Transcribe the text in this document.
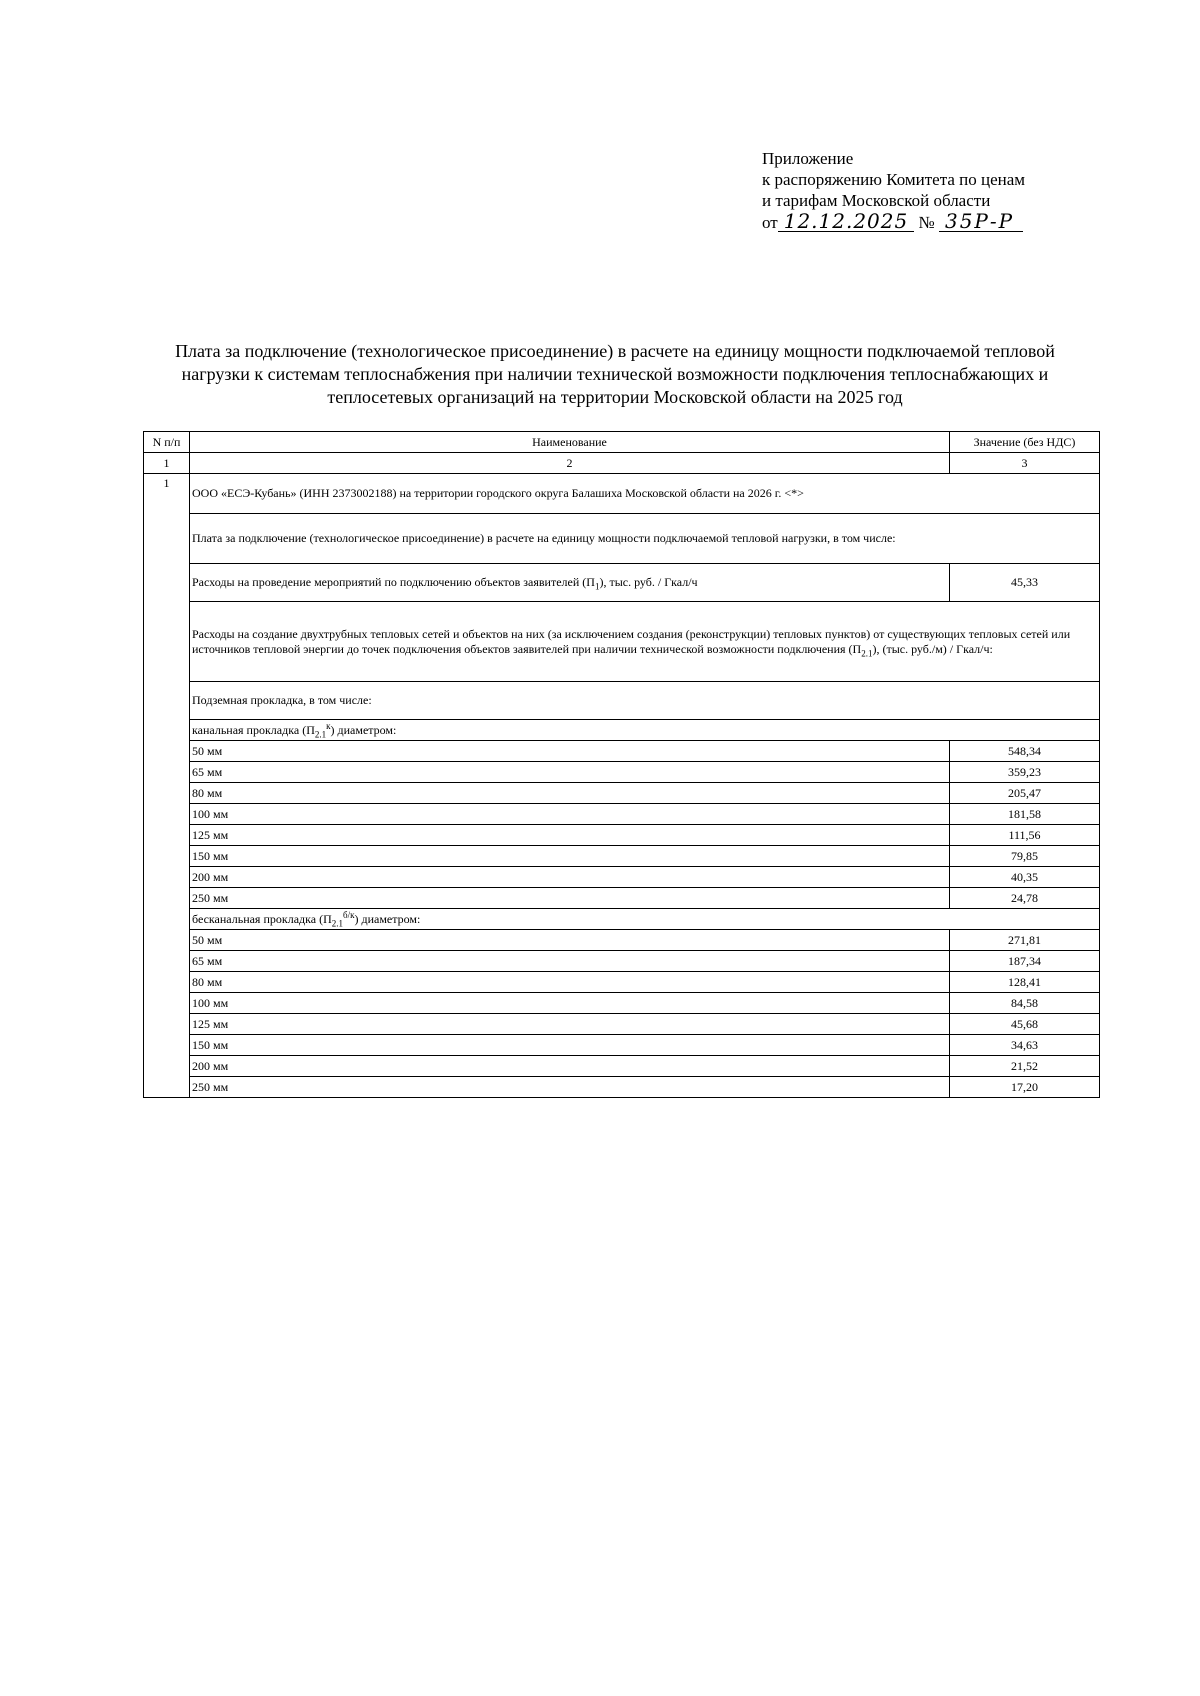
Приложение
к распоряжению Комитета по ценам
и тарифам Московской области
от 12.12.2025 № 35Р-Р
Плата за подключение (технологическое присоединение) в расчете на единицу мощности подключаемой тепловой нагрузки к системам теплоснабжения при наличии технической возможности подключения теплоснабжающих и теплосетевых организаций на территории Московской области на 2025 год
N п/п	Наименование	Значение (без НДС)
1	2	3
1	ООО «ЕСЭ-Кубань» (ИНН 2373002188) на территории городского округа Балашиха Московской области на 2026 г. <*>	
	Плата за подключение (технологическое присоединение) в расчете на единицу мощности подключаемой тепловой нагрузки, в том числе:	
	Расходы на проведение мероприятий по подключению объектов заявителей $(П_1)$, тыс. руб. / Гкал/ч	45,33
	Расходы на создание двухтрубных тепловых сетей и объектов на них (за исключением создания (реконструкции) тепловых пунктов) от существующих тепловых сетей или источников тепловой энергии до точек подключения объектов заявителей при наличии технической возможности подключения $(П_{2.1})$, (тыс. руб./м) / Гкал/ч:	
	Подземная прокладка, в том числе:	
	канальная прокладка $(П_{2.1}^к)$ диаметром:	
	50 мм	548,34
	65 мм	359,23
	80 мм	205,47
	100 мм	181,58
	125 мм	111,56
	150 мм	79,85
	200 мм	40,35
	250 мм	24,78
	бесканальная прокладка $(П_{2.1}^{б/к})$ диаметром:	
	50 мм	271,81
	65 мм	187,34
	80 мм	128,41
	100 мм	84,58
	125 мм	45,68
	150 мм	34,63
	200 мм	21,52
	250 мм	17,20
